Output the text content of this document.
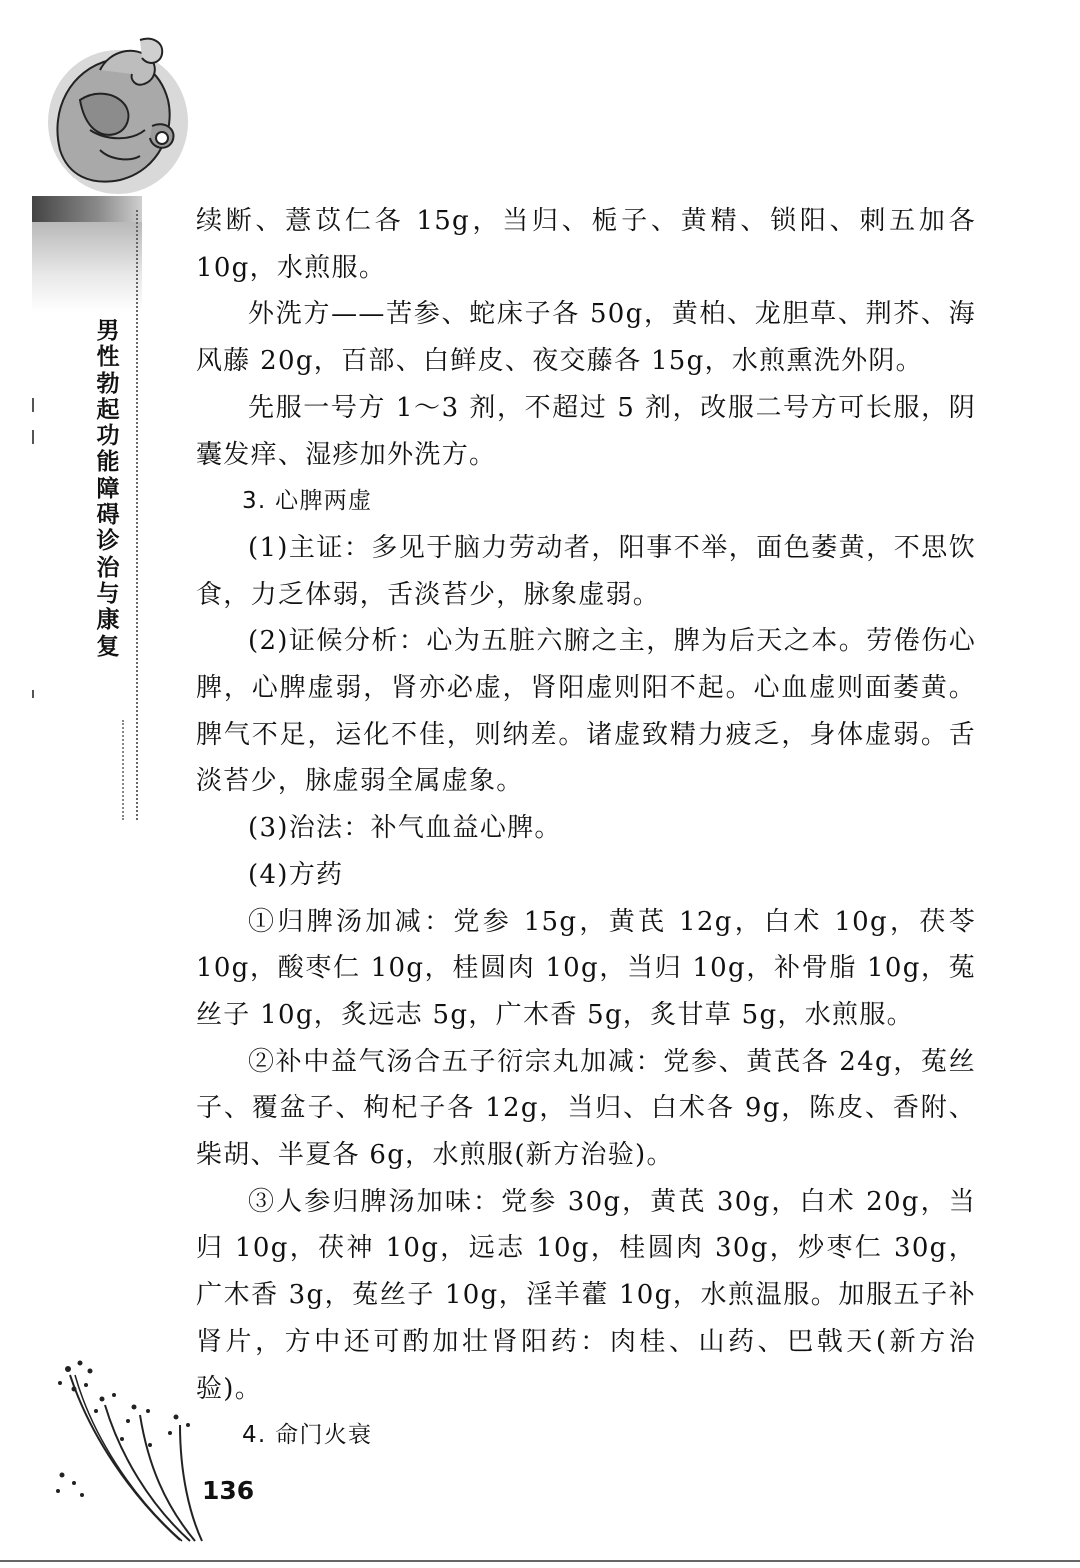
男
性
勃
起
功
能
障
碍
诊
治
与
康
复

续断、薏苡仁各 15g，当归、栀子、黄精、锁阳、刺五加各 10g，水煎服。

外洗方——苦参、蛇床子各 50g，黄柏、龙胆草、荆芥、海风藤 20g，百部、白鲜皮、夜交藤各 15g，水煎熏洗外阴。

先服一号方 1～3 剂，不超过 5 剂，改服二号方可长服，阴囊发痒、湿疹加外洗方。

3. 心脾两虚

(1)主证：多见于脑力劳动者，阳事不举，面色萎黄，不思饮食，力乏体弱，舌淡苔少，脉象虚弱。

(2)证候分析：心为五脏六腑之主，脾为后天之本。劳倦伤心脾，心脾虚弱，肾亦必虚，肾阳虚则阳不起。心血虚则面萎黄。脾气不足，运化不佳，则纳差。诸虚致精力疲乏，身体虚弱。舌淡苔少，脉虚弱全属虚象。

(3)治法：补气血益心脾。

(4)方药

①归脾汤加减：党参 15g，黄芪 12g，白术 10g，茯苓 10g，酸枣仁 10g，桂圆肉 10g，当归 10g，补骨脂 10g，菟丝子 10g，炙远志 5g，广木香 5g，炙甘草 5g，水煎服。

②补中益气汤合五子衍宗丸加减：党参、黄芪各 24g，菟丝子、覆盆子、枸杞子各 12g，当归、白术各 9g，陈皮、香附、柴胡、半夏各 6g，水煎服(新方治验)。

③人参归脾汤加味：党参 30g，黄芪 30g，白术 20g，当归 10g，茯神 10g，远志 10g，桂圆肉 30g，炒枣仁 30g，广木香 3g，菟丝子 10g，淫羊藿 10g，水煎温服。加服五子补肾片，方中还可酌加壮肾阳药：肉桂、山药、巴戟天(新方治验)。

4. 命门火衰

136
